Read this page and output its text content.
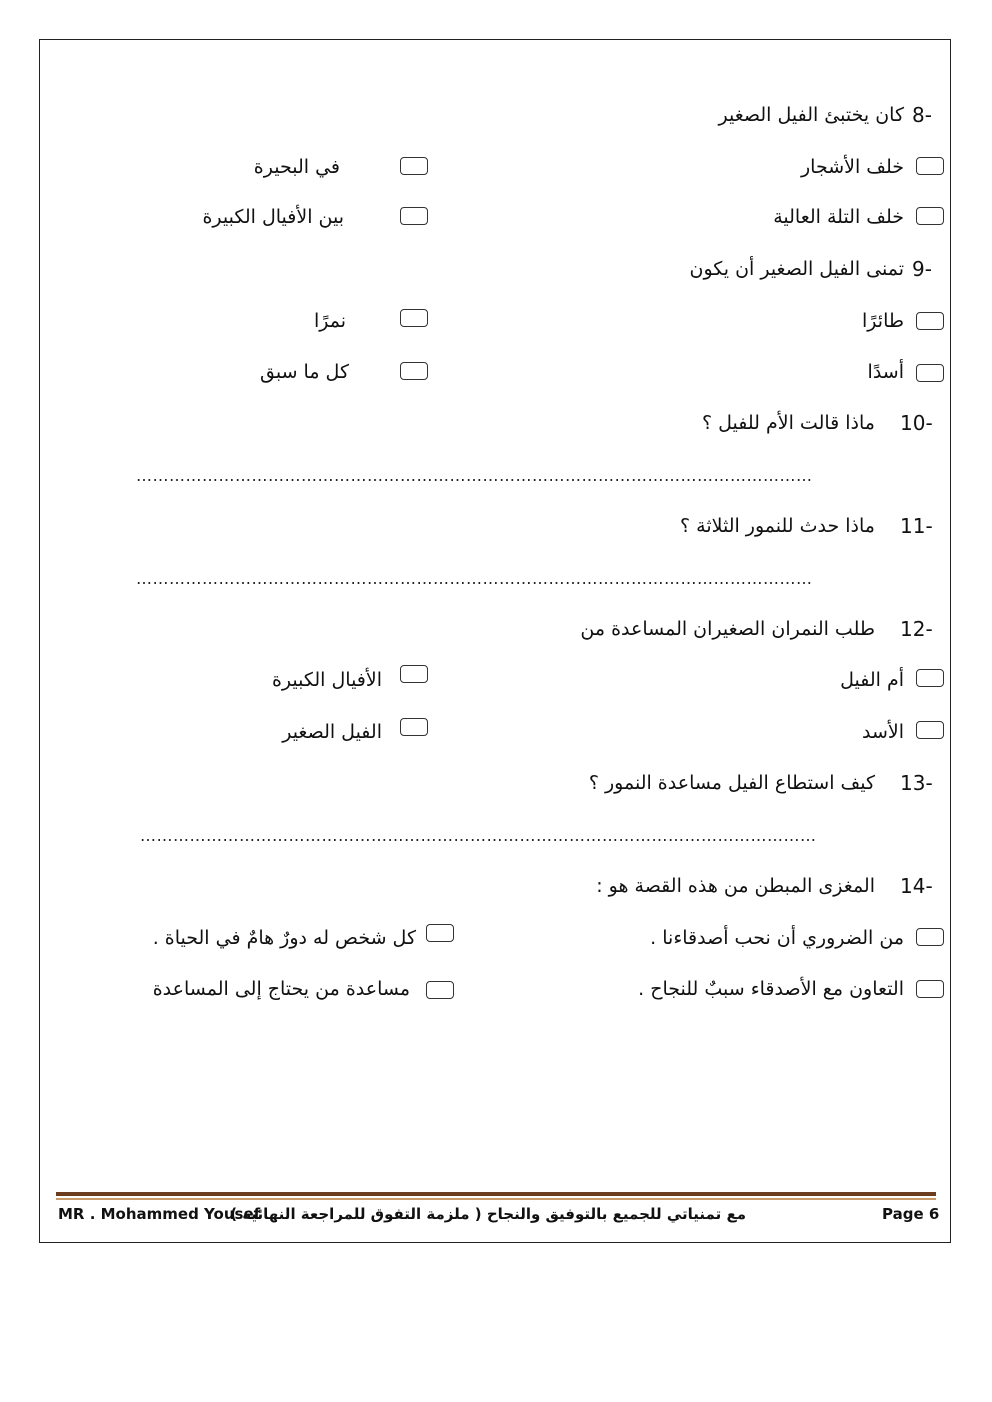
8-
كان يختبئ الفيل الصغير
خلف الأشجار
في البحيرة
خلف التلة العالية
بين الأفيال الكبيرة
9-
تمنى الفيل الصغير أن يكون
طائرًا
نمرًا
أسدًا
كل ما سبق
10-
ماذا قالت الأم للفيل ؟
……………………………………………………………………………………………………………
11-
ماذا حدث للنمور الثلاثة ؟
……………………………………………………………………………………………………………
12-
طلب النمران الصغيران المساعدة من
أم الفيل
الأفيال الكبيرة
الأسد
الفيل الصغير
13-
كيف استطاع الفيل مساعدة النمور ؟
……………………………………………………………………………………………………………
14-
المغزى المبطن من هذه القصة هو :
من الضروري أن نحب أصدقاءنا .
كل شخص له دورٌ هامٌ في الحياة .
التعاون مع الأصدقاء سببٌ للنجاح .
مساعدة من يحتاج إلى المساعدة
MR . Mohammed Yousef
مع تمنياتي للجميع بالتوفيق والنجاح ( ملزمة التفوق للمراجعة النهائية )	Page 6
